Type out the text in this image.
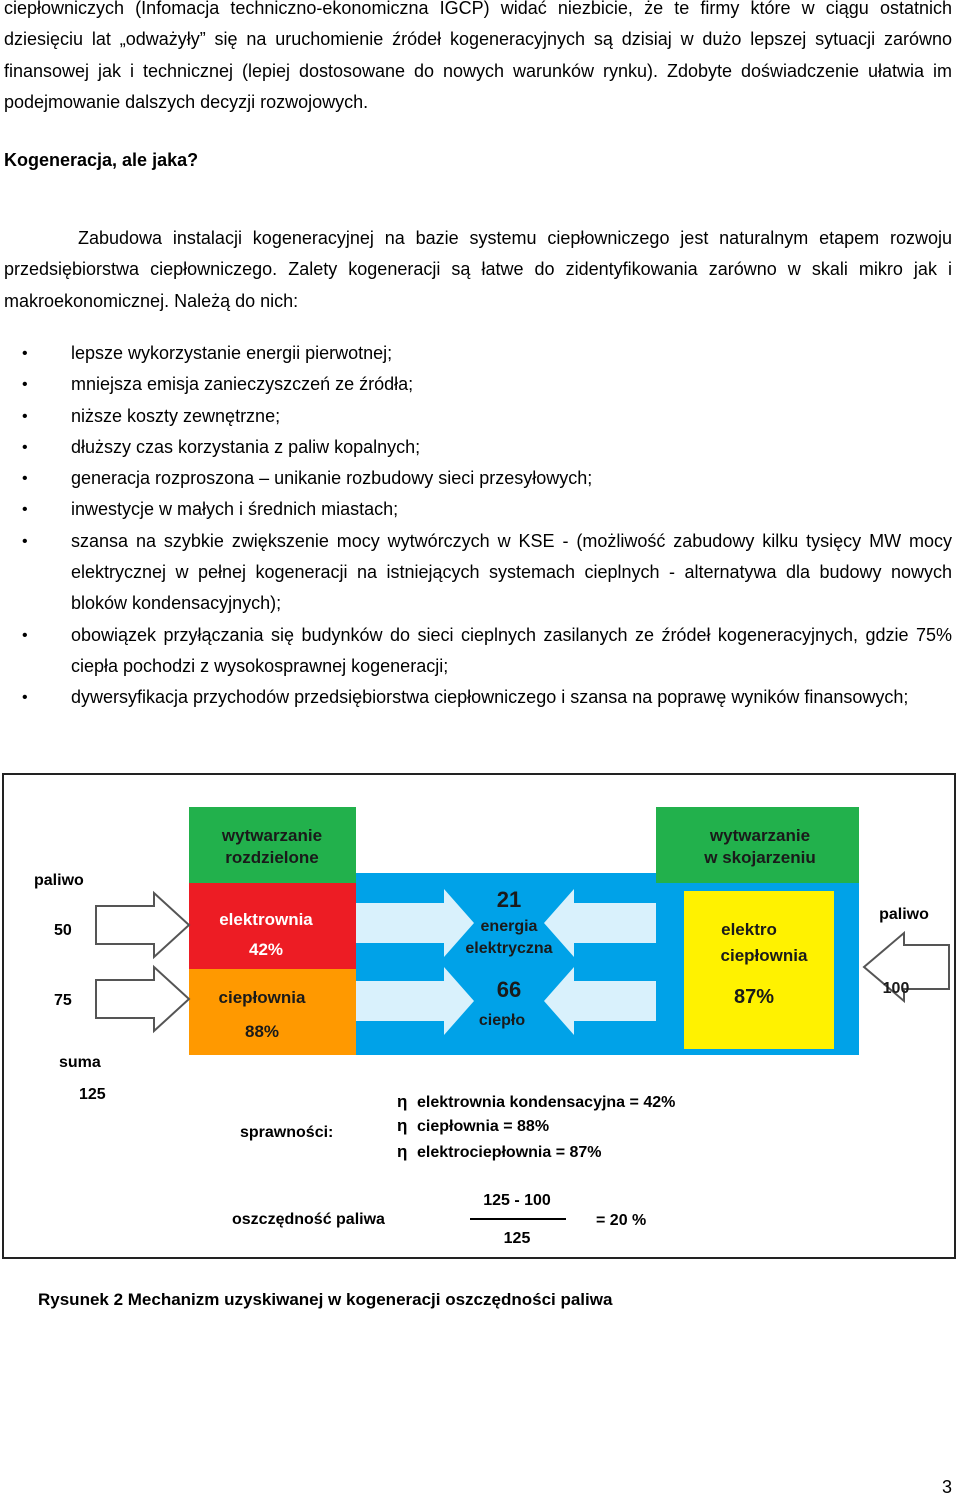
ciepłowniczych (Infomacja techniczno-ekonomiczna IGCP) widać niezbicie, że te firmy które w ciągu ostatnich dziesięciu lat „odważyły” się na uruchomienie źródeł kogeneracyjnych są dzisiaj w dużo lepszej sytuacji zarówno finansowej jak i technicznej (lepiej dostosowane do nowych warunków rynku). Zdobyte doświadczenie ułatwia im podejmowanie dalszych decyzji rozwojowych.

Kogeneracja, ale jaka?

Zabudowa instalacji kogeneracyjnej na bazie systemu ciepłowniczego jest naturalnym etapem rozwoju przedsiębiorstwa ciepłowniczego. Zalety kogeneracji są łatwe do zidentyfikowania zarówno w skali mikro jak i makroekonomicznej. Należą do nich:

• lepsze wykorzystanie energii pierwotnej;
• mniejsza emisja zanieczyszczeń ze źródła;
• niższe koszty zewnętrzne;
• dłuższy czas korzystania z paliw kopalnych;
• generacja rozproszona – unikanie rozbudowy sieci przesyłowych;
• inwestycje w małych i średnich miastach;
• szansa na szybkie zwiększenie mocy wytwórczych w KSE - (możliwość zabudowy kilku tysięcy MW mocy elektrycznej w pełnej kogeneracji na istniejących systemach cieplnych - alternatywa dla budowy nowych bloków kondensacyjnych);
• obowiązek przyłączania się budynków do sieci cieplnych zasilanych ze źródeł kogeneracyjnych, gdzie 75% ciepła pochodzi z wysokosprawnej kogeneracji;
• dywersyfikacja przychodów przedsiębiorstwa ciepłowniczego i szansa na poprawę wyników finansowych;
wytwarzanie
rozdzielone
wytwarzanie
w skojarzeniu
paliwo
50
75
suma
125
elektrownia
42%
ciepłownia
88%
elektro
ciepłownia
87%
21
energia
elektryczna
66
ciepło
paliwo
100
sprawności:
η
η
η
elektrownia kondensacyjna = 42%
ciepłownia = 88%
elektrociepłownia = 87%
oszczędność paliwa
125 - 100
125
= 20 %

Rysunek 2 Mechanizm uzyskiwanej w kogeneracji oszczędności paliwa

3
